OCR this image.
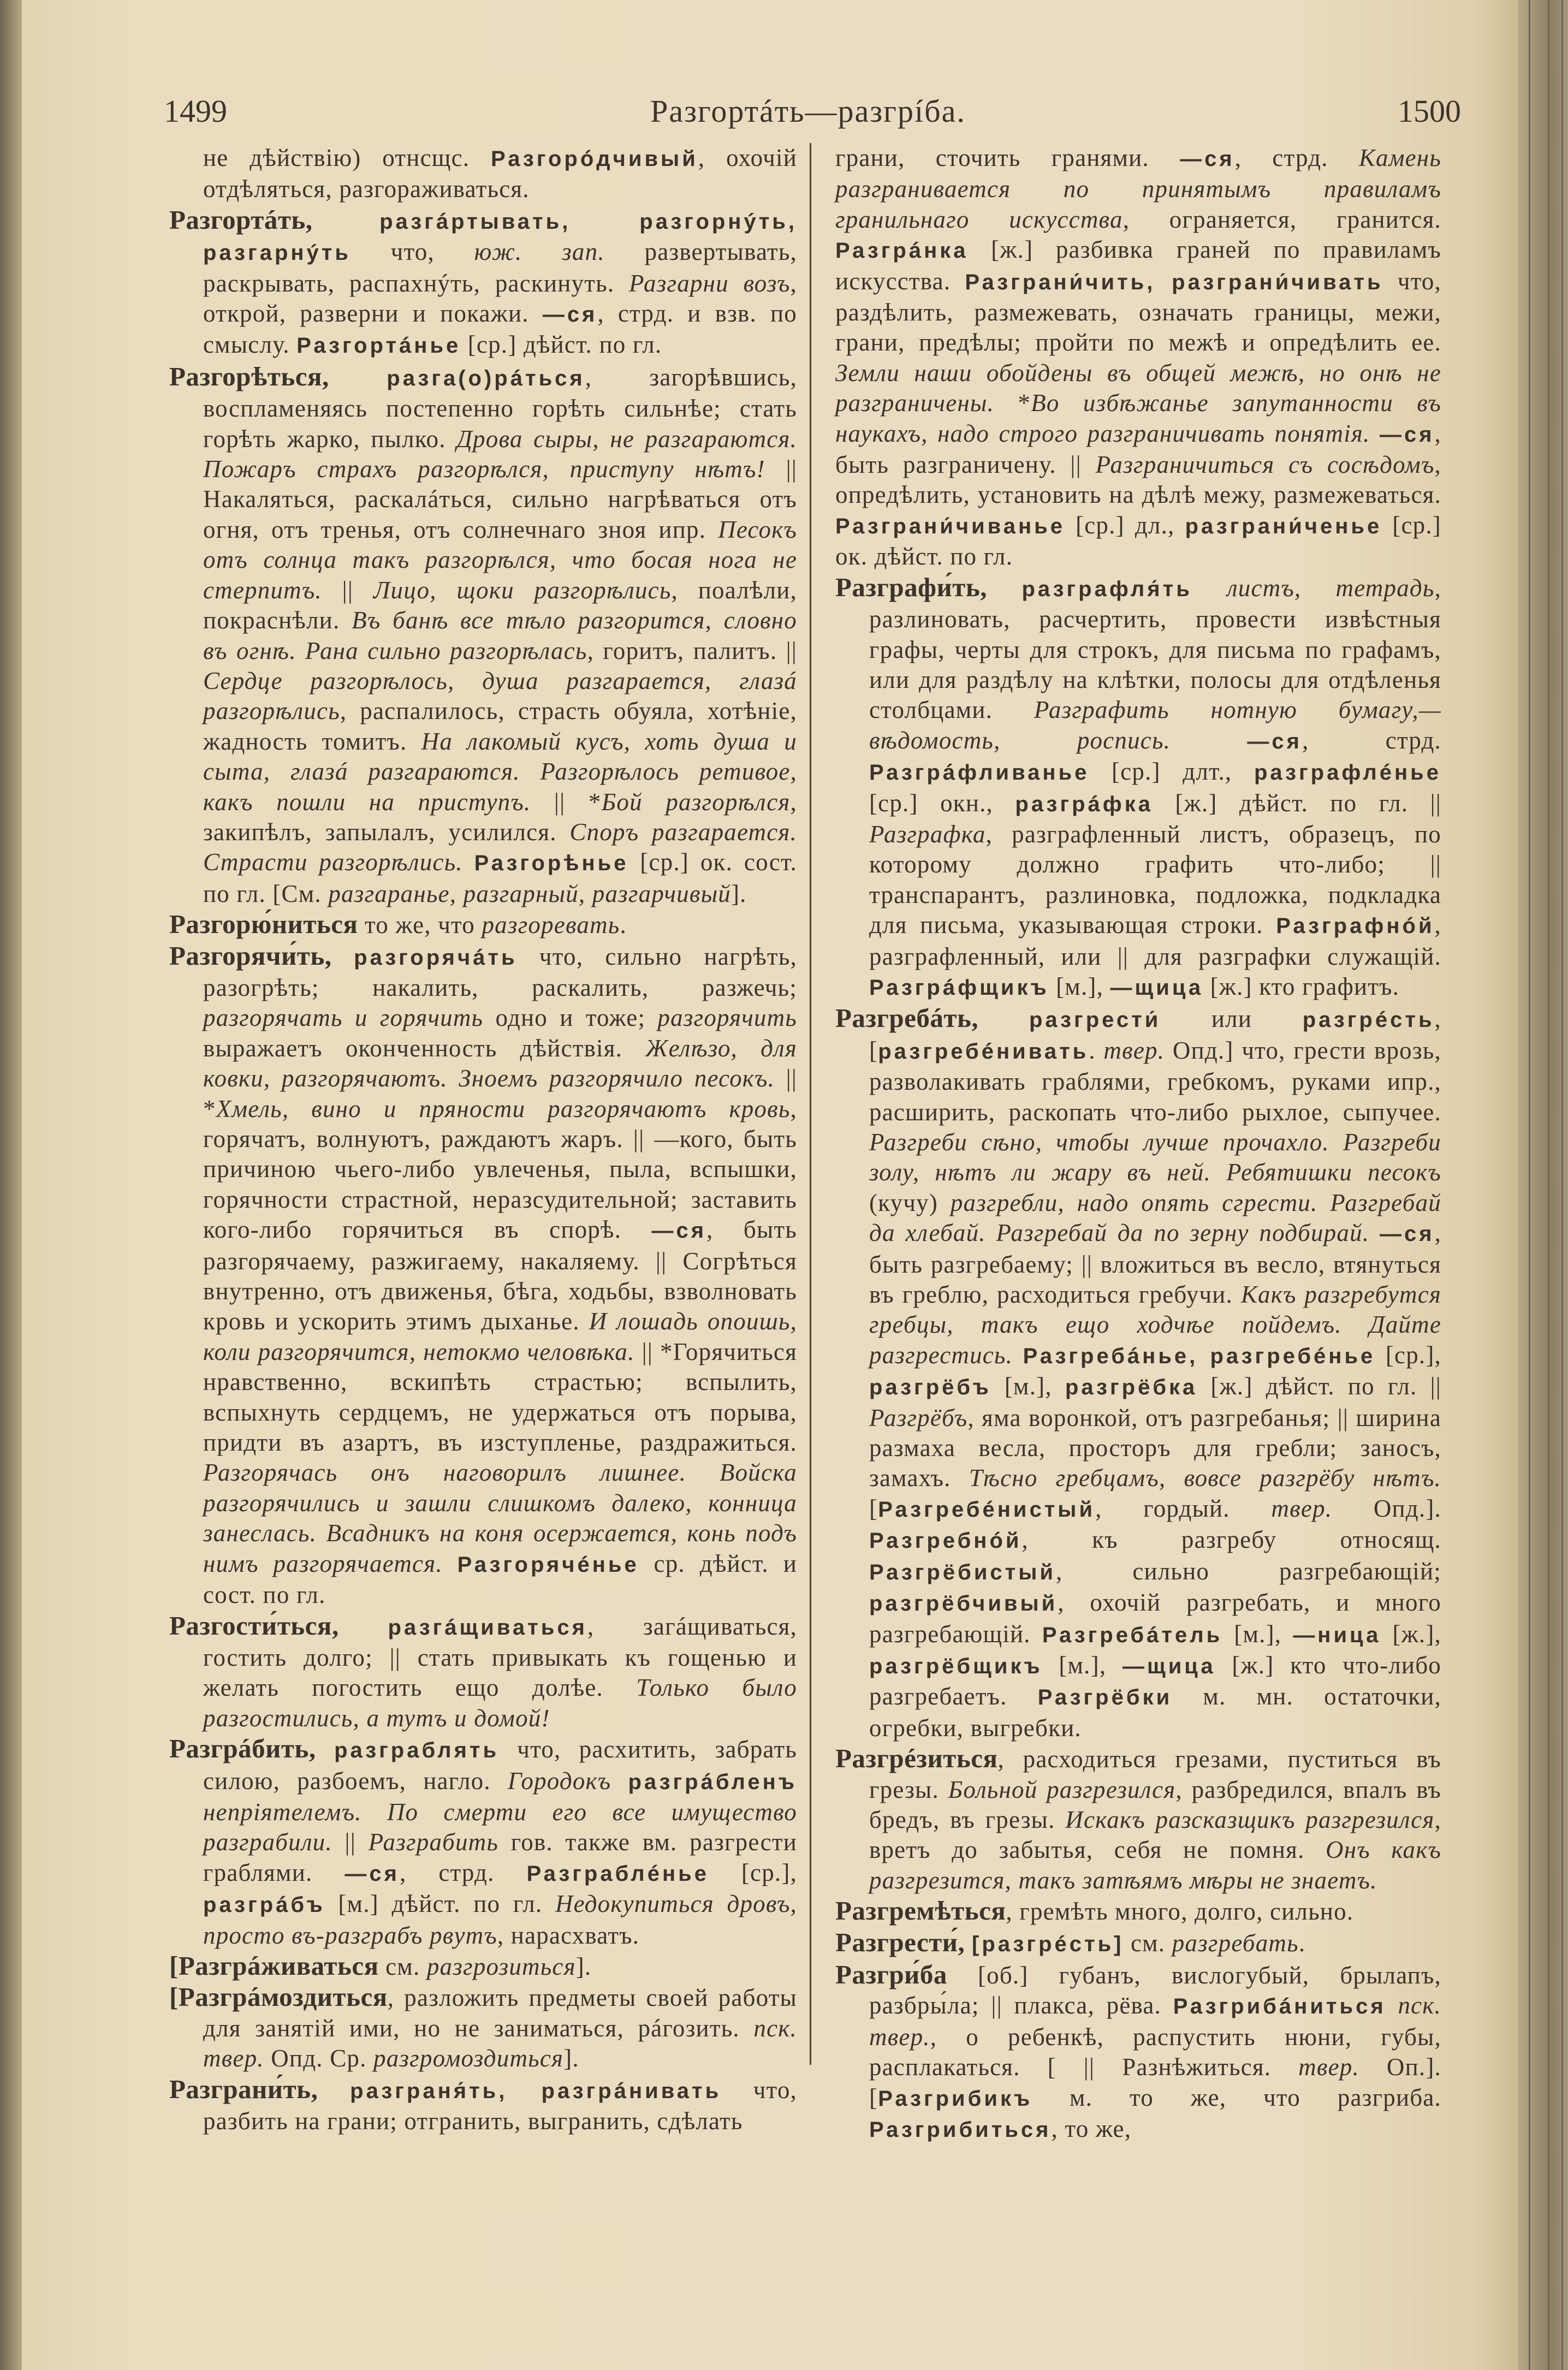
1499	Разгортáть—разгрíба.	1500

не дѣйствію) отнсщс. Разгорóдчивый, охочій отдѣляться, разгораживаться.

Разгортáть, разгáртывать, разгорнýть, разгарнýть что, юж. зап. развертывать, раскрывать, распахнýть, раскинуть. Разгарни возъ, открой, разверни и покажи. —ся, стрд. и взв. по смыслу. Разгортáнье [ср.] дѣйст. по гл.

Разгорѣться, разга(о)рáться, загорѣвшись, воспламеняясь постепенно горѣть сильнѣе; стать горѣть жарко, пылко. Дрова сыры, не разгараются. Пожаръ страхъ разгорѣлся, приступу нѣтъ! || Накаляться, раскалáться, сильно нагрѣваться отъ огня, отъ тренья, отъ солнечнаго зноя ипр. Песокъ отъ солнца такъ разгорѣлся, что босая нога не стерпитъ. || Лицо, щоки разгорѣлись, поалѣли, покраснѣли. Въ банѣ все тѣло разгорится, словно въ огнѣ. Рана сильно разгорѣлась, горитъ, палитъ. || Сердце разгорѣлось, душа разгарается, глазá разгорѣлись, распалилось, страсть обуяла, хотѣніе, жадность томитъ. На лакомый кусъ, хоть душа и сыта, глазá разгараются. Разгорѣлось ретивое, какъ пошли на приступъ. || *Бой разгорѣлся, закипѣлъ, запылалъ, усилился. Споръ разгарается. Страсти разгорѣлись. Разгорѣнье [ср.] ок. сост. по гл. [См. разгаранье, разгарный, разгарчивый].

Разгорю́ниться то же, что разгоревать.

Разгорячи́ть, разгорячáть что, сильно нагрѣть, разогрѣть; накалить, раскалить, разжечь; разгорячать и горячить одно и тоже; разгорячить выражаетъ оконченность дѣйствія. Желѣзо, для ковки, разгорячаютъ. Зноемъ разгорячило песокъ. || *Хмель, вино и пряности разгорячаютъ кровь, горячатъ, волнуютъ, раждаютъ жаръ. || —кого, быть причиною чьего-либо увлеченья, пыла, вспышки, горячности страстной, неразсудительной; заставить кого-либо горячиться въ спорѣ. —ся, быть разгорячаему, разжигаему, накаляему. || Согрѣться внутренно, отъ движенья, бѣга, ходьбы, взволновать кровь и ускорить этимъ дыханье. И лошадь опоишь, коли разгорячится, нетокмо человѣка. || *Горячиться нравственно, вскипѣть страстью; вспылить, вспыхнуть сердцемъ, не удержаться отъ порыва, придти въ азартъ, въ изступленье, раздражиться. Разгорячась онъ наговорилъ лишнее. Войска разгорячились и зашли слишкомъ далеко, конница занеслась. Всадникъ на коня осержается, конь подъ нимъ разгорячается. Разгорячéнье ср. дѣйст. и сост. по гл.

Разгости́ться, разгáщиваться, загáщиваться, гостить долго; || стать привыкать къ гощенью и желать погостить ещо долѣе. Только было разгостились, а тутъ и домой!

Разгрáбить, разграблять что, расхитить, забрать силою, разбоемъ, нагло. Городокъ разгрáбленъ непріятелемъ. По смерти его все имущество разграбили. || Разграбить гов. также вм. разгрести граблями. —ся, стрд. Разграблéнье [ср.], разгрáбъ [м.] дѣйст. по гл. Недокупиться дровъ, просто въ-разграбъ рвутъ, нарасхватъ.

[Разгрáживаться см. разгрозиться].

[Разгрáмоздиться, разложить предметы своей работы для занятій ими, но не заниматься, рáгозить. пск. твер. Опд. Ср. разгромоздиться].

Разграни́ть, разграня́ть, разгрáнивать что, разбить на грани; отгранить, выгранить, сдѣлать

грани, сточить гранями. —ся, стрд. Камень разгранивается по принятымъ правиламъ гранильнаго искусства, ограняется, гранится. Разгрáнка [ж.] разбивка граней по правиламъ искусства. Разграни́чить, разграни́чивать что, раздѣлить, размежевать, означать границы, межи, грани, предѣлы; пройти по межѣ и опредѣлить ее. Земли наши обойдены въ общей межѣ, но онѣ не разграничены. *Во избѣжанье запутанности въ наукахъ, надо строго разграничивать понятія. —ся, быть разграничену. || Разграничиться съ сосѣдомъ, опредѣлить, установить на дѣлѣ межу, размежеваться. Разграни́чиванье [ср.] дл., разграни́ченье [ср.] ок. дѣйст. по гл.

Разграфи́ть, разграфля́ть листъ, тетрадь, разлиновать, расчертить, провести извѣстныя графы, черты для строкъ, для письма по графамъ, или для раздѣлу на клѣтки, полосы для отдѣленья столбцами. Разграфить нотную бумагу,—вѣдомость, роспись.	—ся, стрд. Разгрáфливанье [ср.] длт., разграфлéнье [ср.] окн., разгрáфка [ж.] дѣйст. по гл. || Разграфка, разграфленный листъ, образецъ, по которому должно графить что-либо; || транспарантъ, разлиновка, подложка, подкладка для письма, указывающая строки. Разграфнóй, разграфленный, или || для разграфки служащій. Разгрáфщикъ [м.], —щица [ж.] кто графитъ.

Разгребáть, разгрести́ или разгрéсть, [разгребéнивать. твер. Опд.] что, грести врозь, разволакивать граблями, гребкомъ, руками ипр., расширить, раскопать что-либо рыхлое, сыпучее. Разгреби сѣно, чтобы лучше прочахло. Разгреби золу, нѣтъ ли жару въ ней. Ребятишки песокъ (кучу) разгребли, надо опять сгрести. Разгребай да хлебай. Разгребай да по зерну подбирай. —ся, быть разгребаему; || вложиться въ весло, втянуться въ греблю, расходиться гребучи. Какъ разгребутся гребцы, такъ ещо ходчѣе пойдемъ. Дайте разгрестись. Разгребáнье, разгребéнье [ср.], разгрёбъ [м.], разгрёбка [ж.] дѣйст. по гл. || Разгрёбъ, яма воронкой, отъ разгребанья; || ширина размаха весла, просторъ для гребли; заносъ, замахъ. Тѣсно гребцамъ, вовсе разгрёбу нѣтъ. [Разгребéнистый, гордый. твер. Опд.]. Разгребнóй, къ разгребу относящ. Разгрёбистый, сильно разгребающій; разгрёбчивый, охочій разгребать, и много разгребающій. Разгребáтель [м.], —ница [ж.], разгрёбщикъ [м.], —щица [ж.] кто что-либо разгребаетъ. Разгрёбки м. мн. остаточки, огребки, выгребки.

Разгрéзиться, расходиться грезами, пуститься въ грезы. Больной разгрезился, разбредился, впалъ въ бредъ, въ грезы. Искакъ разсказщикъ разгрезился, вретъ до забытья, себя не помня. Онъ какъ разгрезится, такъ затѣямъ мѣры не знаетъ.

Разгремѣться, гремѣть много, долго, сильно.

Разгрести́, [разгрéсть] см. разгребать.

Разгри́ба [об.] губанъ, вислогубый, брылапъ, разбры́ла; || плакса, рёва. Разгрибáниться пск. твер., о ребенкѣ, распустить нюни, губы, расплакаться. [ || Разнѣжиться. твер. Оп.]. [Разгрибикъ м. то же, что разгриба. Разгрибиться, то же,
